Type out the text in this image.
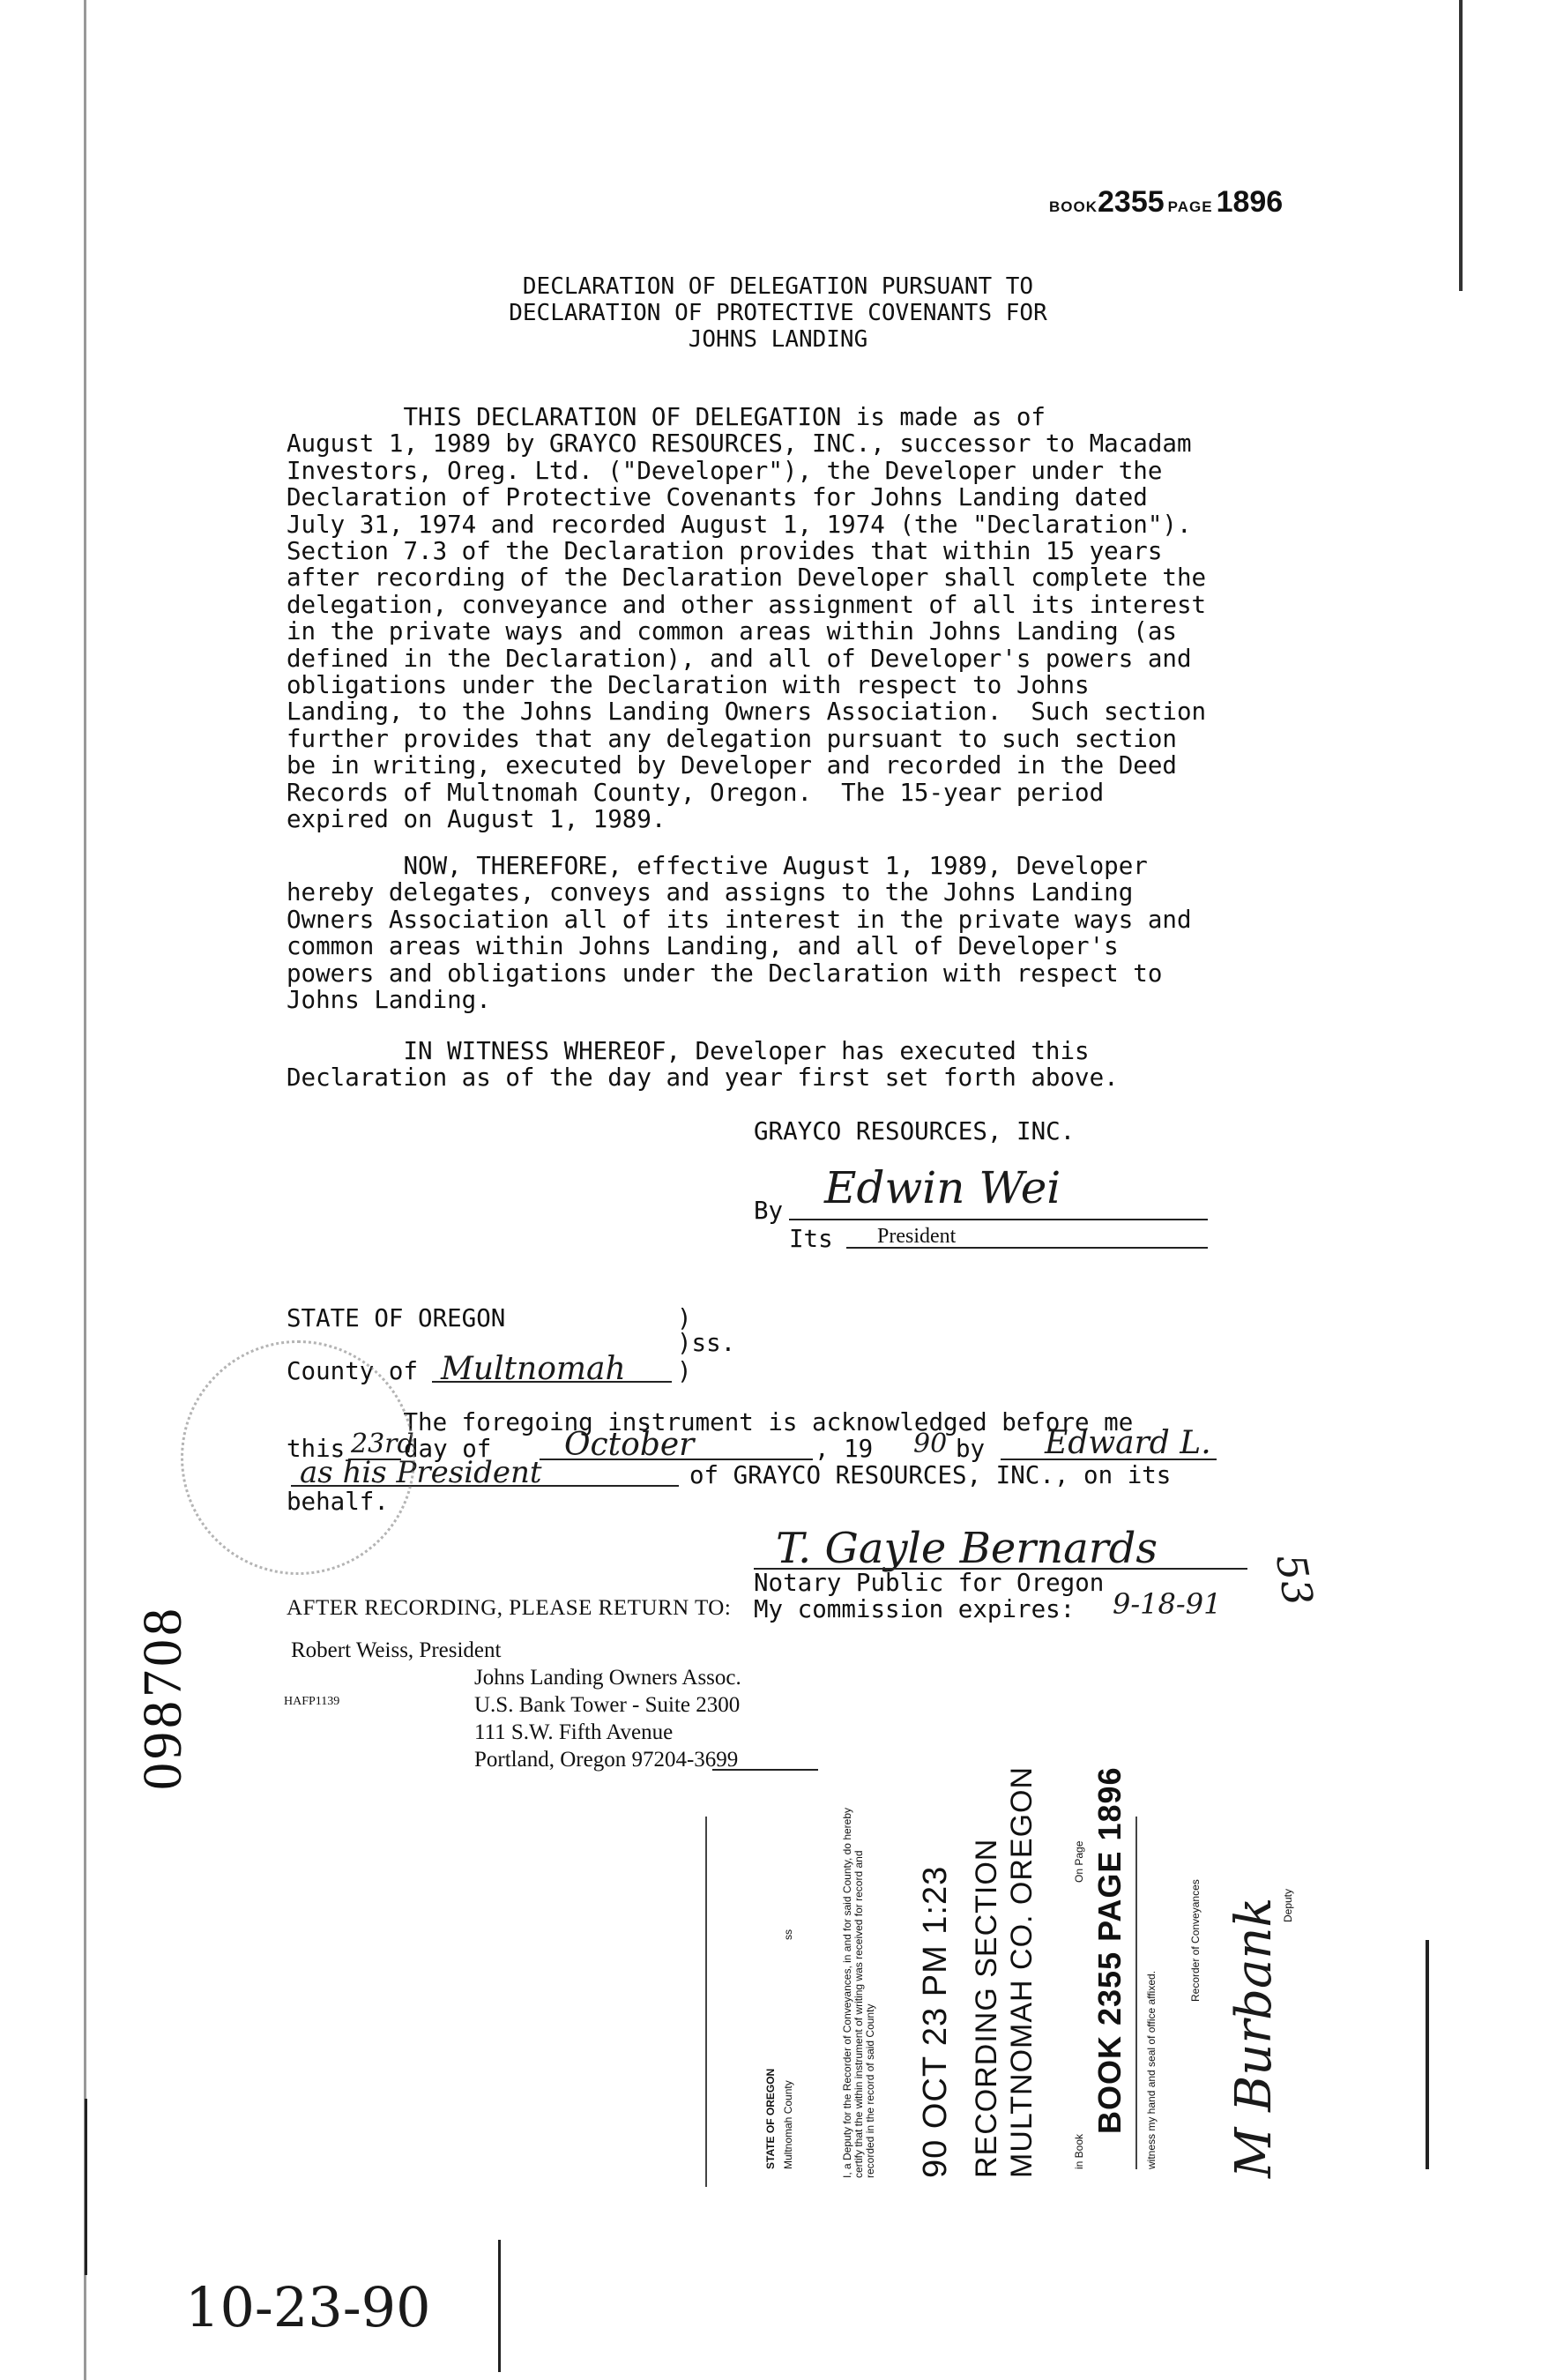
BOOK2355 PAGE 1896
DECLARATION OF DELEGATION PURSUANT TO
DECLARATION OF PROTECTIVE COVENANTS FOR
JOHNS LANDING
THIS DECLARATION OF DELEGATION is made as of
August 1, 1989 by GRAYCO RESOURCES, INC., successor to Macadam
Investors, Oreg. Ltd. ("Developer"), the Developer under the
Declaration of Protective Covenants for Johns Landing dated
July 31, 1974 and recorded August 1, 1974 (the "Declaration").
Section 7.3 of the Declaration provides that within 15 years
after recording of the Declaration Developer shall complete the
delegation, conveyance and other assignment of all its interest
in the private ways and common areas within Johns Landing (as
defined in the Declaration), and all of Developer's powers and
obligations under the Declaration with respect to Johns
Landing, to the Johns Landing Owners Association.  Such section
further provides that any delegation pursuant to such section
be in writing, executed by Developer and recorded in the Deed
Records of Multnomah County, Oregon.  The 15-year period
expired on August 1, 1989.
NOW, THEREFORE, effective August 1, 1989, Developer
hereby delegates, conveys and assigns to the Johns Landing
Owners Association all of its interest in the private ways and
common areas within Johns Landing, and all of Developer's
powers and obligations under the Declaration with respect to
Johns Landing.
IN WITNESS WHEREOF, Developer has executed this
Declaration as of the day and year first set forth above.
GRAYCO RESOURCES, INC.
By Edwin Wei
Its President
STATE OF OREGON	)
)ss.
County of Multnomah )
The foregoing instrument is acknowledged before me
this 23rd
day of October	, 19 90 by Edward L.
as his President	of GRAYCO RESOURCES, INC., on its
behalf.
T. Gayle Bernards
Notary Public for Oregon
My commission expires: 9-18-91
AFTER RECORDING, PLEASE RETURN TO:
Robert Weiss, President
Johns Landing Owners Assoc.
U.S. Bank Tower - Suite 2300
111 S.W. Fifth Avenue
Portland, Oregon 97204-3699
HAFP1139
098708
53
10-23-90
STATE OF OREGON Multnomah County
ss	I, a Deputy for the Recorder of Conveyances, in and for said County, do hereby certify that the within instrument of writing was received for record and recorded in the record of said County 90 OCT 23 PM 1:23 RECORDING SECTION MULTNOMAH CO. OREGON	in Book
BOOK 2355 PAGE 1896
On Page
witness my hand and seal of office affixed.
Recorder of Conveyances M Burbank Deputy
